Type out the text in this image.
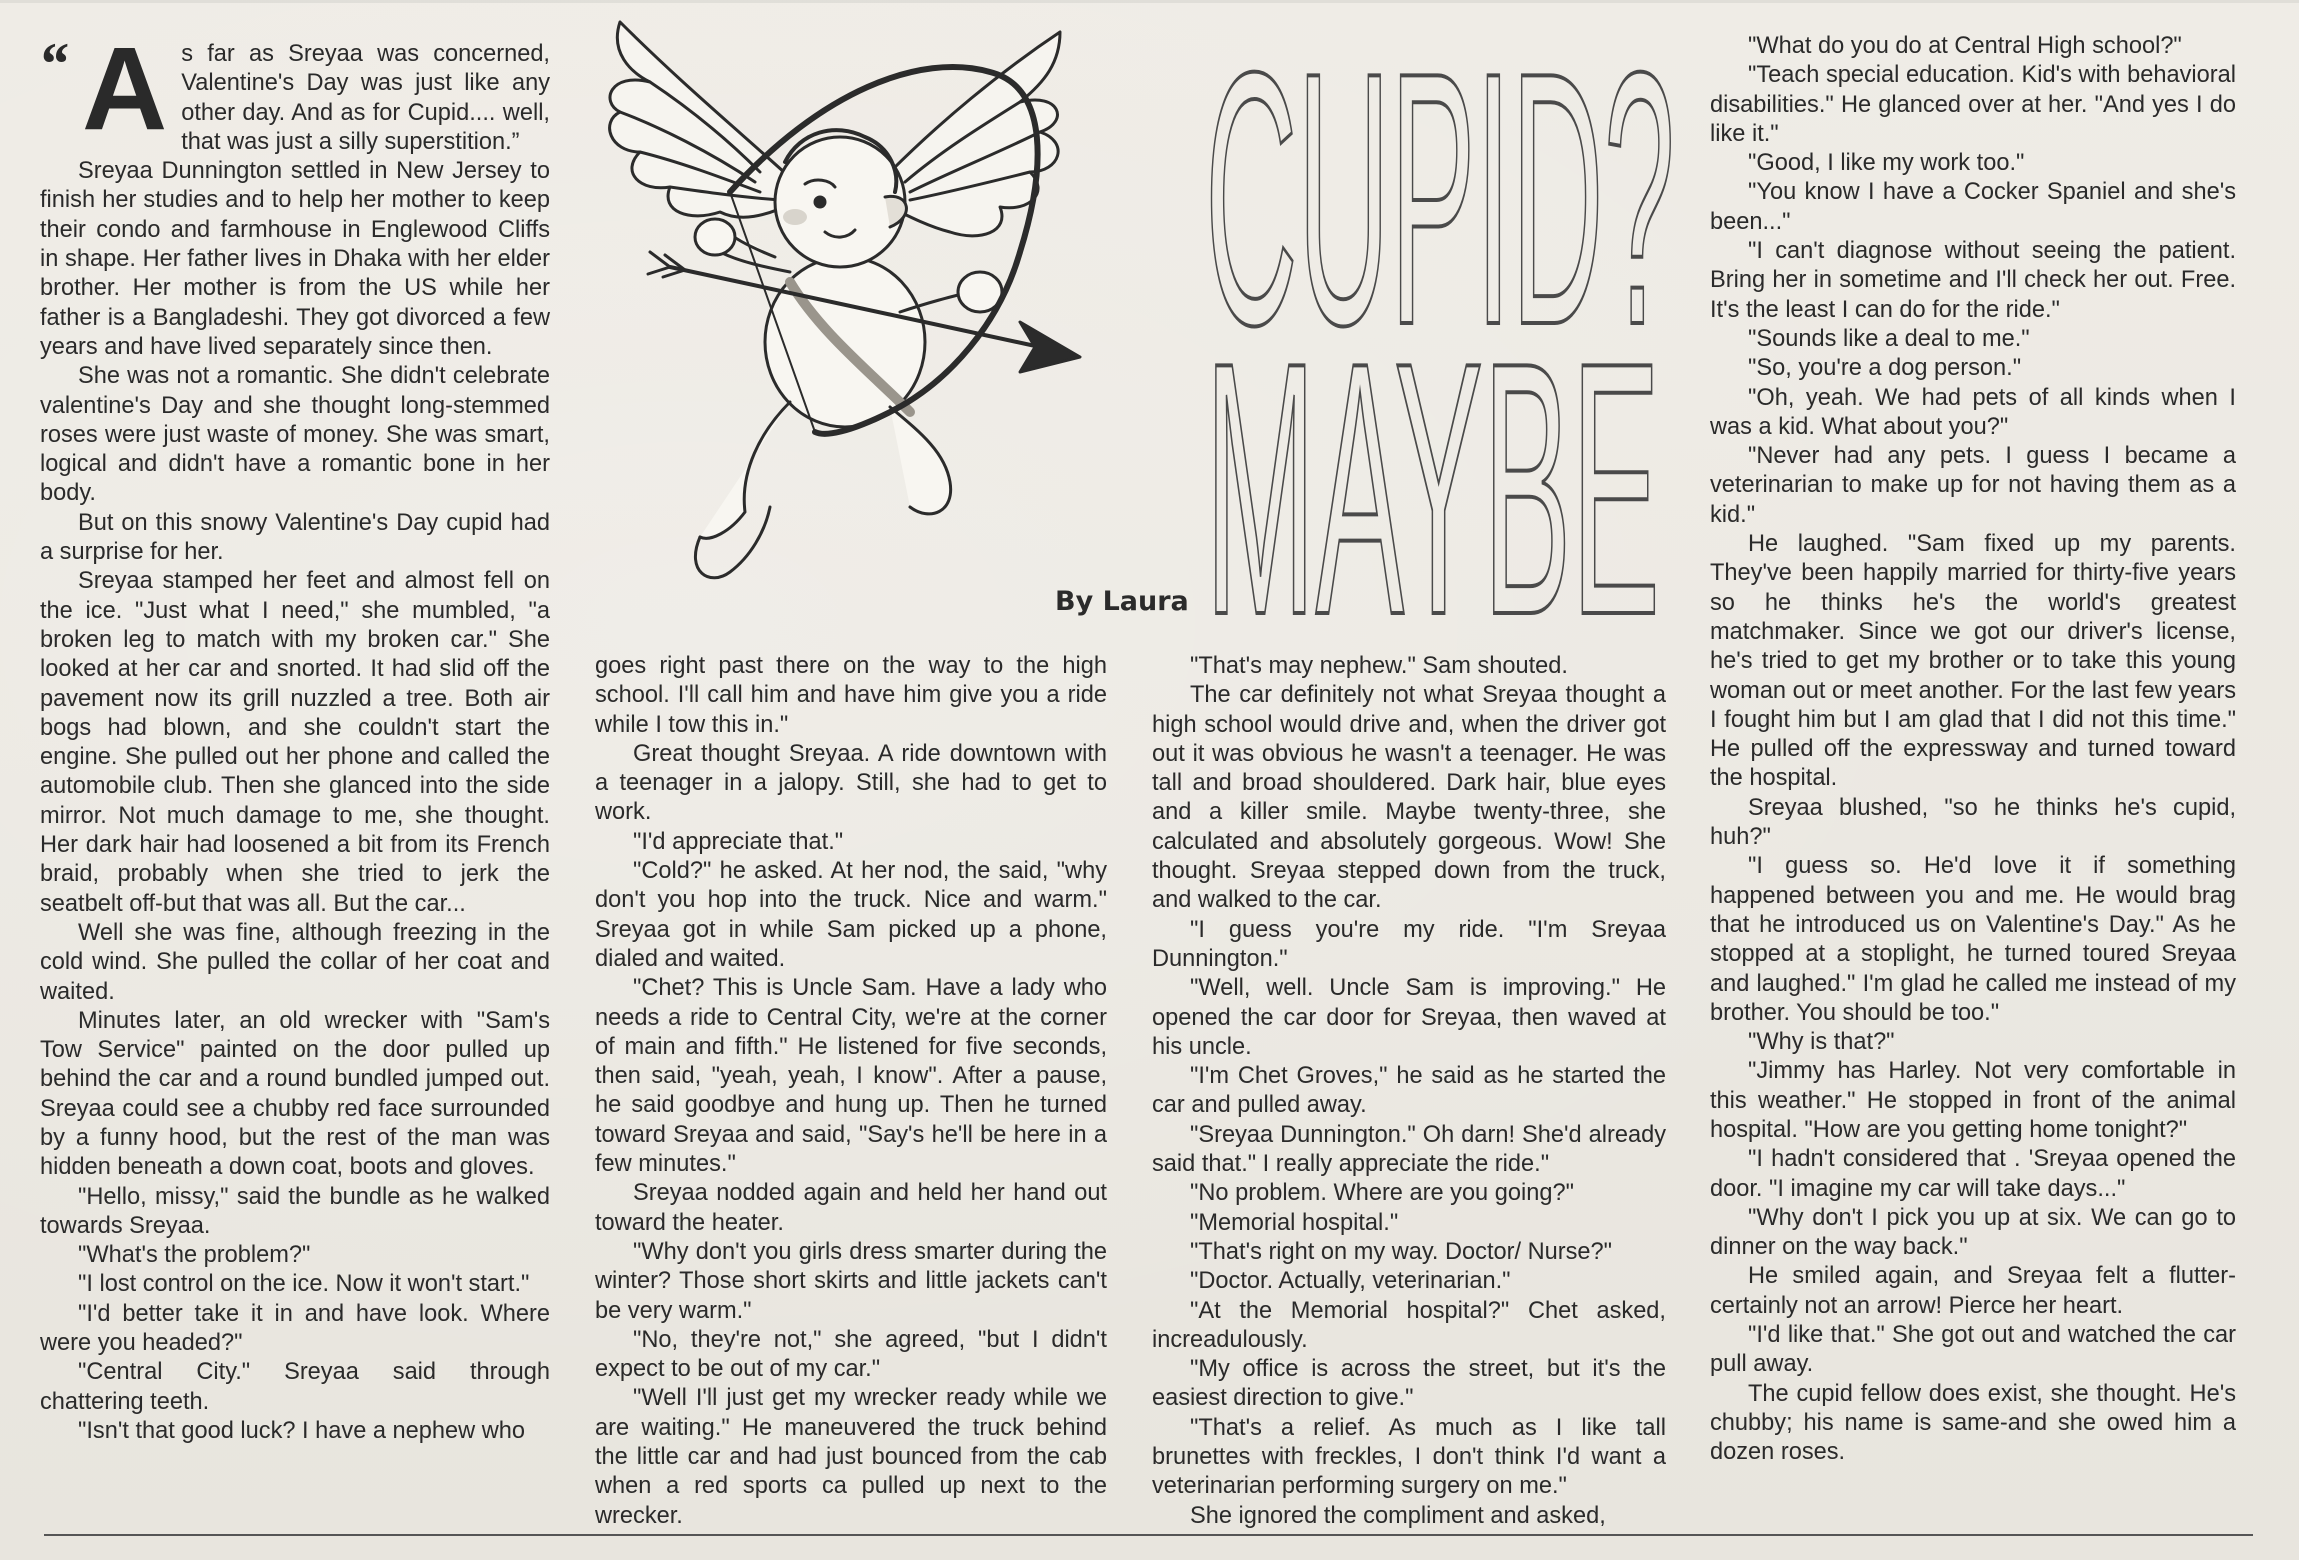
“ A s far as Sreyaa was concerned, Valentine's Day was just like any other day. And as for Cupid.... well, that was just a silly superstition.”

Sreyaa Dunnington settled in New Jersey to finish her studies and to help her mother to keep their condo and farmhouse in Englewood Cliffs in shape. Her father lives in Dhaka with her elder brother. Her mother is from the US while her father is a Bangladeshi. They got divorced a few years and have lived separately since then.

She was not a romantic. She didn't celebrate valentine's Day and she thought long-stemmed roses were just waste of money. She was smart, logical and didn't have a romantic bone in her body.

But on this snowy Valentine's Day cupid had a surprise for her.

Sreyaa stamped her feet and almost fell on the ice. "Just what I need," she mumbled, "a broken leg to match with my broken car." She looked at her car and snorted. It had slid off the pavement now its grill nuzzled a tree. Both air bogs had blown, and she couldn't start the engine. She pulled out her phone and called the automobile club. Then she glanced into the side mirror. Not much damage to me, she thought. Her dark hair had loosened a bit from its French braid, probably when she tried to jerk the seatbelt off-but that was all. But the car...

Well she was fine, although freezing in the cold wind. She pulled the collar of her coat and waited.

Minutes later, an old wrecker with "Sam's Tow Service" painted on the door pulled up behind the car and a round bundled jumped out. Sreyaa could see a chubby red face surrounded by a funny hood, but the rest of the man was hidden beneath a down coat, boots and gloves.

"Hello, missy," said the bundle as he walked towards Sreyaa.

"What's the problem?"

"I lost control on the ice. Now it won't start."

"I'd better take it in and have look. Where were you headed?"

"Central City." Sreyaa said through chattering teeth.

"Isn't that good luck? I have a nephew who

CUPID?
MAYBE
By Laura

goes right past there on the way to the high school. I'll call him and have him give you a ride while I tow this in."

Great thought Sreyaa. A ride downtown with a teenager in a jalopy. Still, she had to get to work.

"I'd appreciate that."

"Cold?" he asked. At her nod, the said, "why don't you hop into the truck. Nice and warm." Sreyaa got in while Sam picked up a phone, dialed and waited.

"Chet? This is Uncle Sam. Have a lady who needs a ride to Central City, we're at the corner of main and fifth." He listened for five seconds, then said, "yeah, yeah, I know". After a pause, he said goodbye and hung up. Then he turned toward Sreyaa and said, "Say's he'll be here in a few minutes."

Sreyaa nodded again and held her hand out toward the heater.

"Why don't you girls dress smarter during the winter? Those short skirts and little jackets can't be very warm."

"No, they're not," she agreed, "but I didn't expect to be out of my car."

"Well I'll just get my wrecker ready while we are waiting." He maneuvered the truck behind the little car and had just bounced from the cab when a red sports ca pulled up next to the wrecker.

"That's may nephew." Sam shouted.

The car definitely not what Sreyaa thought a high school would drive and, when the driver got out it was obvious he wasn't a teenager. He was tall and broad shouldered. Dark hair, blue eyes and a killer smile. Maybe twenty-three, she calculated and absolutely gorgeous. Wow! She thought. Sreyaa stepped down from the truck, and walked to the car.

"I guess you're my ride. "I'm Sreyaa Dunnington."

"Well, well. Uncle Sam is improving." He opened the car door for Sreyaa, then waved at his uncle.

"I'm Chet Groves," he said as he started the car and pulled away.

"Sreyaa Dunnington." Oh darn! She'd already said that." I really appreciate the ride."

"No problem. Where are you going?"

"Memorial hospital."

"That's right on my way. Doctor/ Nurse?"

"Doctor. Actually, veterinarian."

"At the Memorial hospital?" Chet asked, increadulously.

"My office is across the street, but it's the easiest direction to give."

"That's a relief. As much as I like tall brunettes with freckles, I don't think I'd want a veterinarian performing surgery on me."

She ignored the compliment and asked,

"What do you do at Central High school?"

"Teach special education. Kid's with behavioral disabilities." He glanced over at her. "And yes I do like it."

"Good, I like my work too."

"You know I have a Cocker Spaniel and she's been..."

"I can't diagnose without seeing the patient. Bring her in sometime and I'll check her out. Free. It's the least I can do for the ride."

"Sounds like a deal to me."

"So, you're a dog person."

"Oh, yeah. We had pets of all kinds when I was a kid. What about you?"

"Never had any pets. I guess I became a veterinarian to make up for not having them as a kid."

He laughed. "Sam fixed up my parents. They've been happily married for thirty-five years so he thinks he's the world's greatest matchmaker. Since we got our driver's license, he's tried to get my brother or to take this young woman out or meet another. For the last few years I fought him but I am glad that I did not this time." He pulled off the expressway and turned toward the hospital.

Sreyaa blushed, "so he thinks he's cupid, huh?"

"I guess so. He'd love it if something happened between you and me. He would brag that he introduced us on Valentine's Day." As he stopped at a stoplight, he turned toured Sreyaa and laughed." I'm glad he called me instead of my brother. You should be too."

"Why is that?"

"Jimmy has Harley. Not very comfortable in this weather." He stopped in front of the animal hospital. "How are you getting home tonight?"

"I hadn't considered that . 'Sreyaa opened the door. "I imagine my car will take days..."

"Why don't I pick you up at six. We can go to dinner on the way back."

He smiled again, and Sreyaa felt a flutter-certainly not an arrow! Pierce her heart.

"I'd like that." She got out and watched the car pull away.

The cupid fellow does exist, she thought. He's chubby; his name is same-and she owed him a dozen roses.
